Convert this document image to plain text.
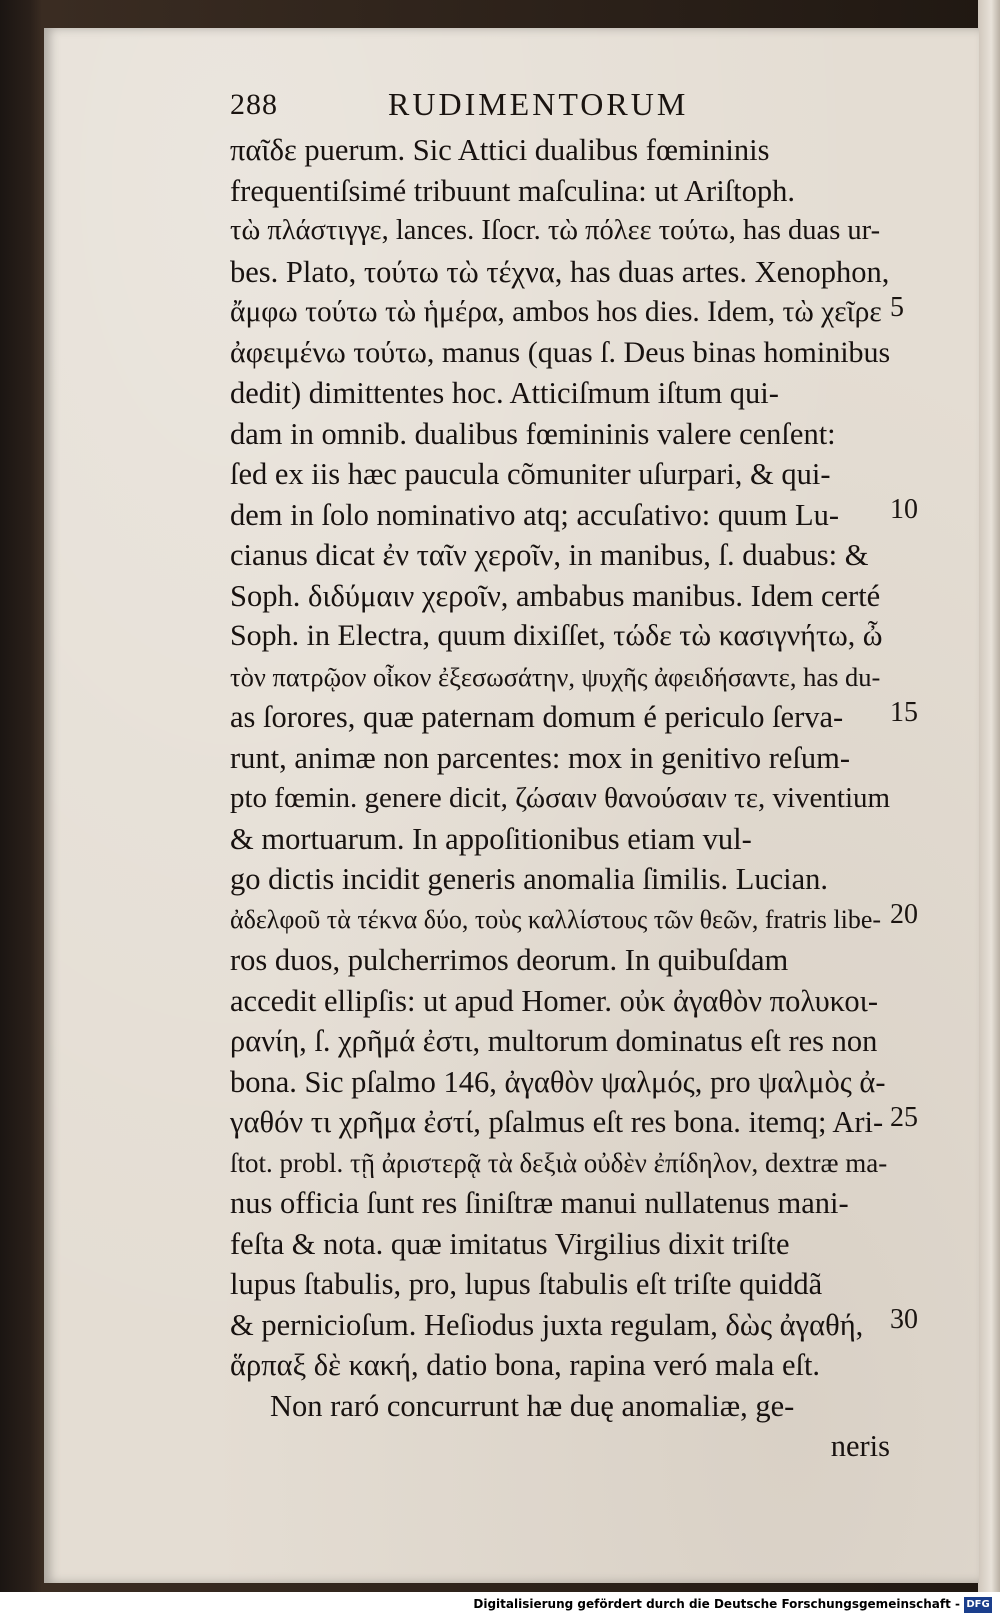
288	RUDIMENTORUM
παῖδε puerum. Sic Attici dualibus fœmininis
frequentiſsimé tribuunt maſculina: ut Ariſtoph.
τὼ πλάστιγγε, lances. Iſocr. τὼ πόλεε τούτω, has duas ur-
bes. Plato, τούτω τὼ τέχνα, has duas artes. Xenophon,
ἄμφω τούτω τὼ ἡμέρα, ambos hos dies. Idem, τὼ χεῖρε
ἀφειμένω τούτω, manus (quas ſ. Deus binas hominibus
dedit) dimittentes hoc. Atticiſmum iſtum qui-
dam in omnib. dualibus fœmininis valere cenſent:
ſed ex iis hæc paucula cõmuniter uſurpari, & qui-
dem in ſolo nominativo atq; accuſativo: quum Lu-
cianus dicat ἐν ταῖν χεροῖν, in manibus, ſ. duabus: &
Soph. διδύμαιν χεροῖν, ambabus manibus. Idem certé
Soph. in Electra, quum dixiſſet, τώδε τὼ κασιγνήτω, ὦ
τὸν πατρῷον οἶκον ἐξεσωσάτην, ψυχῆς ἀφειδήσαντε, has du-
as ſorores, quæ paternam domum é periculo ſerva-
runt, animæ non parcentes: mox in genitivo reſum-
pto fœmin. genere dicit, ζώσαιν θανούσαιν τε, viventium
& mortuarum. In appoſitionibus etiam vul-
go dictis incidit generis anomalia ſimilis. Lucian.
ἀδελφοῦ τὰ τέκνα δύο, τοὺς καλλίστους τῶν θεῶν, fratris libe-
ros duos, pulcherrimos deorum. In quibuſdam
accedit ellipſis: ut apud Homer. οὐκ ἀγαθὸν πολυκοι-
ρανίη, ſ. χρῆμά ἐστι, multorum dominatus eſt res non
bona. Sic pſalmo 146, ἀγαθὸν ψαλμός, pro ψαλμὸς ἀ-
γαθόν τι χρῆμα ἐστί, pſalmus eſt res bona. itemq; Ari-
ſtot. probl. τῇ ἀριστερᾷ τὰ δεξιὰ οὐδὲν ἐπίδηλον, dextræ ma-
nus officia ſunt res ſiniſtræ manui nullatenus mani-
feſta & nota. quæ imitatus Virgilius dixit triſte
lupus ſtabulis, pro, lupus ſtabulis eſt triſte quiddã
& pernicioſum. Heſiodus juxta regulam, δὼς ἀγαθή,
ἅρπαξ δὲ κακή, datio bona, rapina veró mala eſt.
Non raró concurrunt hæ duę anomaliæ, ge-
neris
5
10
15
20
25
30
Digitalisierung gefördert durch die Deutsche Forschungsgemeinschaft - DFG
